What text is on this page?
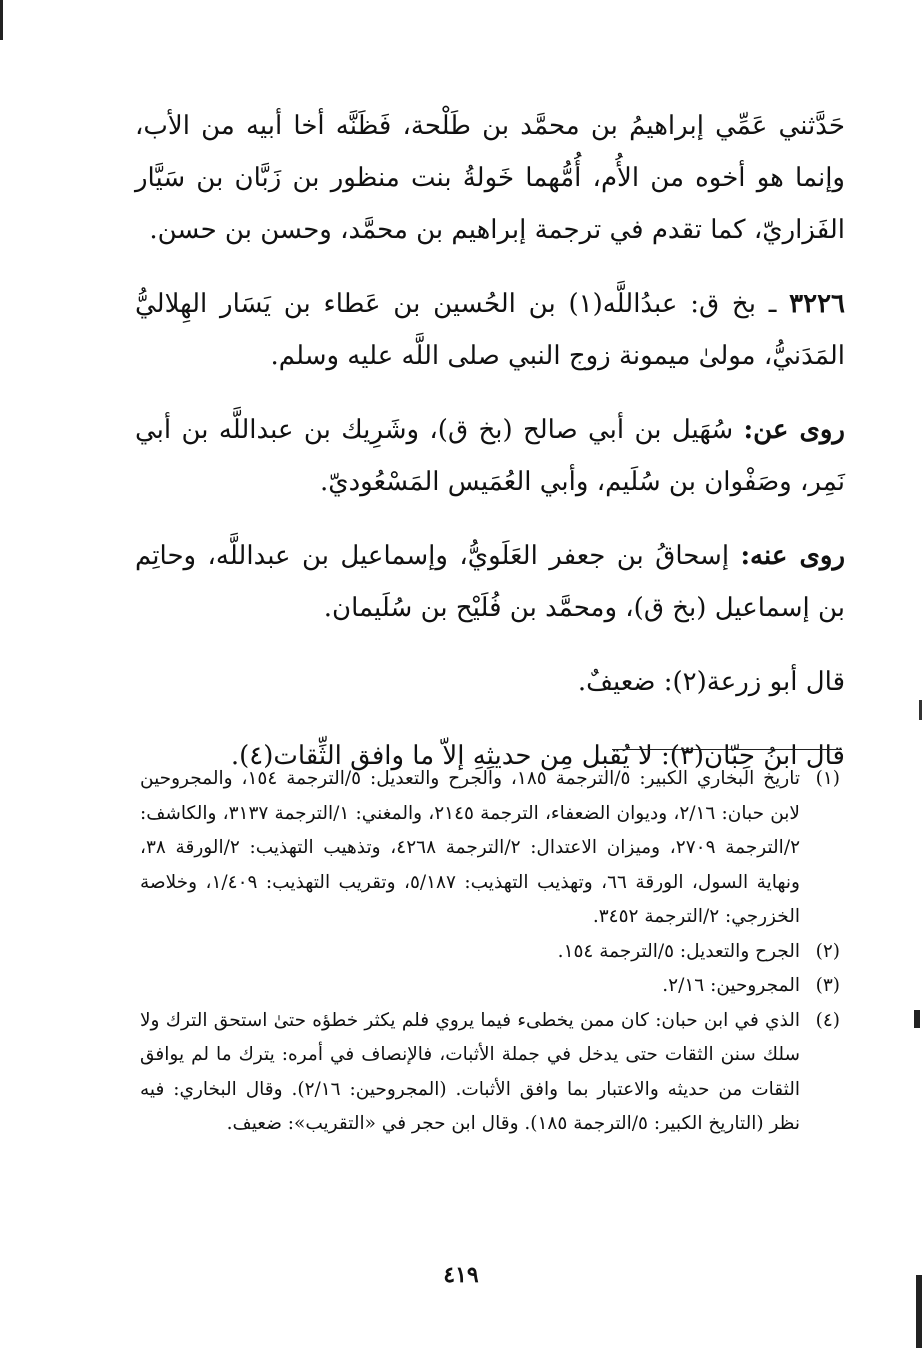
حَدَّثني عَمِّي إبراهيمُ بن محمَّد بن طَلْحة، فَظَنَّه أخا أبيه من الأب، وإنما هو أخوه من الأُم، أُمُّهما خَولةُ بنت منظور بن زَبَّان بن سَيَّار الفَزاريّ، كما تقدم في ترجمة إبراهيم بن محمَّد، وحسن بن حسن.

٣٢٢٦ ـ بخ ق: عبدُاللَّه(١) بن الحُسين بن عَطاء بن يَسَار الهِلاليُّ المَدَنيُّ، مولىٰ ميمونة زوج النبي صلى اللَّه عليه وسلم.

روى عن: سُهَيل بن أبي صالح (بخ ق)، وشَرِيك بن عبداللَّه بن أبي نَمِر، وصَفْوان بن سُلَيم، وأبي العُمَيس المَسْعُوديّ.

روى عنه: إسحاقُ بن جعفر العَلَويُّ، وإسماعيل بن عبداللَّه، وحاتِم بن إسماعيل (بخ ق)، ومحمَّد بن فُلَيْح بن سُلَيمان.

قال أبو زرعة(٢): ضعيفٌ.

قال ابنُ حِبّان(٣): لا يُقبل مِن حديثِهِ إلاّ ما وافق الثِّقات(٤).

(١)
تاريخ البخاري الكبير: ٥/الترجمة ١٨٥، والجرح والتعديل: ٥/الترجمة ١٥٤، والمجروحين لابن حبان: ٢/١٦، وديوان الضعفاء، الترجمة ٢١٤٥، والمغني: ١/الترجمة ٣١٣٧، والكاشف: ٢/الترجمة ٢٧٠٩، وميزان الاعتدال: ٢/الترجمة ٤٢٦٨، وتذهيب التهذيب: ٢/الورقة ٣٨، ونهاية السول، الورقة ٦٦، وتهذيب التهذيب: ٥/١٨٧، وتقريب التهذيب: ١/٤٠٩، وخلاصة الخزرجي: ٢/الترجمة ٣٤٥٢.
(٢)
الجرح والتعديل: ٥/الترجمة ١٥٤.
(٣)
المجروحين: ٢/١٦.
(٤)
الذي في ابن حبان: كان ممن يخطىء فيما يروي فلم يكثر خطؤه حتىٰ استحق الترك ولا سلك سنن الثقات حتى يدخل في جملة الأثبات، فالإنصاف في أمره: يترك ما لم يوافق الثقات من حديثه والاعتبار بما وافق الأثبات. (المجروحين: ٢/١٦). وقال البخاري: فيه نظر (التاريخ الكبير: ٥/الترجمة ١٨٥). وقال ابن حجر في «التقريب»: ضعيف.
٤١٩
